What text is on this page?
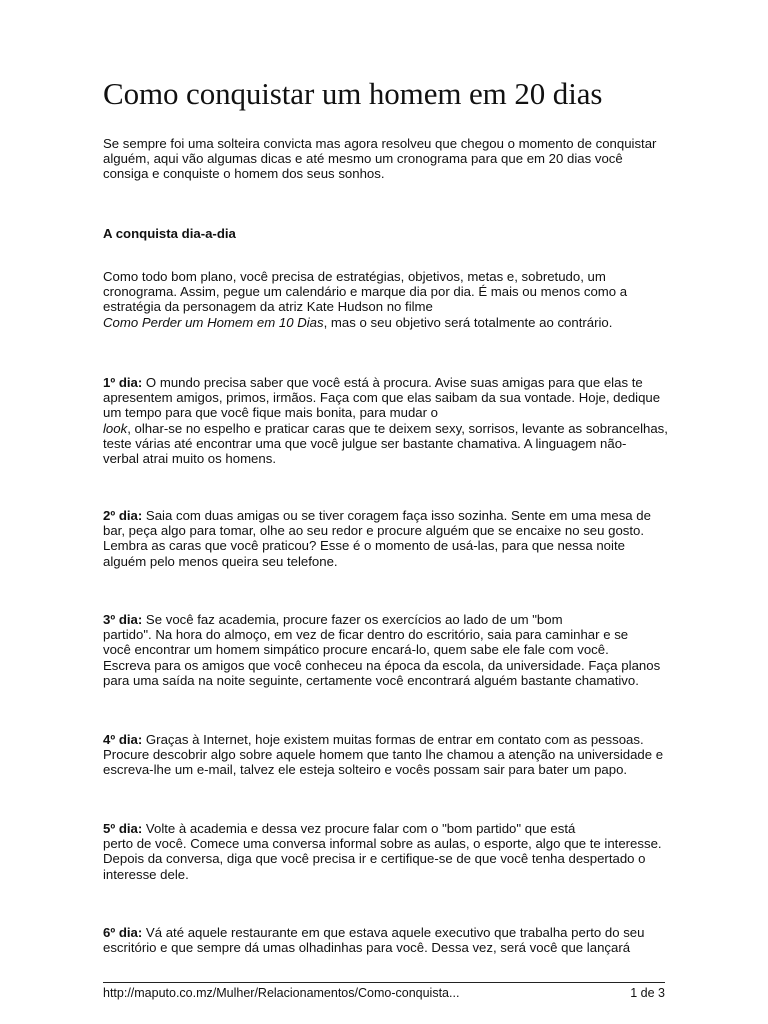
Como conquistar um homem em 20 dias

Se sempre foi uma solteira convicta mas agora resolveu que chegou o momento de conquistar
alguém, aqui vão algumas dicas e até mesmo um cronograma para que em 20 dias você
consiga e conquiste o homem dos seus sonhos.

A conquista dia-a-dia

Como todo bom plano, você precisa de estratégias, objetivos, metas e, sobretudo, um
cronograma. Assim, pegue um calendário e marque dia por dia. É mais ou menos como a
estratégia da personagem da atriz Kate Hudson no filme
Como Perder um Homem em 10 Dias, mas o seu objetivo será totalmente ao contrário.

1º dia: O mundo precisa saber que você está à procura. Avise suas amigas para que elas te
apresentem amigos, primos, irmãos. Faça com que elas saibam da sua vontade. Hoje, dedique
um tempo para que você fique mais bonita, para mudar o
look, olhar-se no espelho e praticar caras que te deixem sexy, sorrisos, levante as sobrancelhas,
teste várias até encontrar uma que você julgue ser bastante chamativa. A linguagem não-
verbal atrai muito os homens.

2º dia: Saia com duas amigas ou se tiver coragem faça isso sozinha. Sente em uma mesa de
bar, peça algo para tomar, olhe ao seu redor e procure alguém que se encaixe no seu gosto.
Lembra as caras que você praticou? Esse é o momento de usá-las, para que nessa noite
alguém pelo menos queira seu telefone.

3º dia: Se você faz academia, procure fazer os exercícios ao lado de um "bom
partido". Na hora do almoço, em vez de ficar dentro do escritório, saia para caminhar e se
você encontrar um homem simpático procure encará-lo, quem sabe ele fale com você.
Escreva para os amigos que você conheceu na época da escola, da universidade. Faça planos
para uma saída na noite seguinte, certamente você encontrará alguém bastante chamativo.

4º dia: Graças à Internet, hoje existem muitas formas de entrar em contato com as pessoas.
Procure descobrir algo sobre aquele homem que tanto lhe chamou a atenção na universidade e
escreva-lhe um e-mail, talvez ele esteja solteiro e vocês possam sair para bater um papo.

5º dia: Volte à academia e dessa vez procure falar com o "bom partido" que está
perto de você. Comece uma conversa informal sobre as aulas, o esporte, algo que te interesse.
Depois da conversa, diga que você precisa ir e certifique-se de que você tenha despertado o
interesse dele.

6º dia: Vá até aquele restaurante em que estava aquele executivo que trabalha perto do seu
escritório e que sempre dá umas olhadinhas para você. Dessa vez, será você que lançará

http://maputo.co.mz/Mulher/Relacionamentos/Como-conquista...	1 de 3
